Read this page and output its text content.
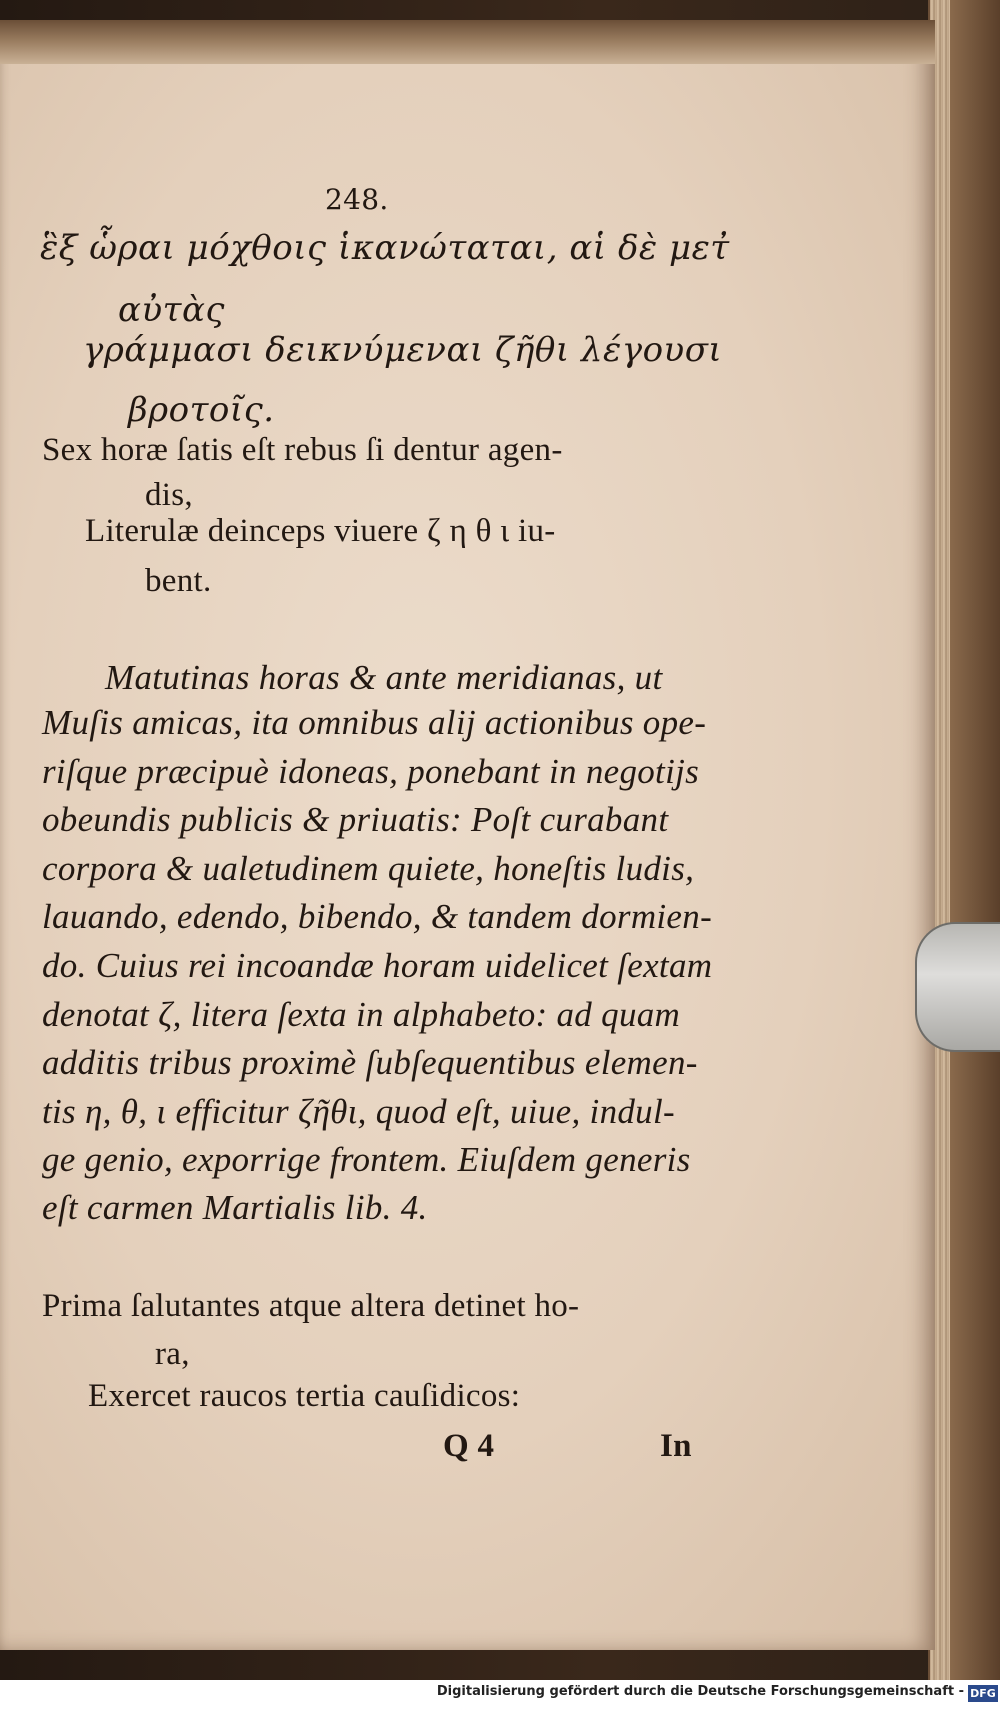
248.
ἓξ ὧραι μόχθοις ἱκανώταται, αἱ δὲ μετ̓
αὐτὰς
γράμμασι δεικνύμεναι ζῆθι λέγουσι
βροτοῖς.
Sex horæ ſatis eſt rebus ſi dentur agen-
dis,
Literulæ deinceps viuere ζ η θ ι iu-
bent.
Matutinas horas & ante meridianas, ut
Muſis amicas, ita omnibus alij actionibus ope-
riſque præcipuè idoneas, ponebant in negotijs
obeundis publicis & priuatis: Poſt curabant
corpora & ualetudinem quiete, honeſtis ludis,
lauando, edendo, bibendo, & tandem dormien-
do. Cuius rei incoandæ horam uidelicet ſextam
denotat ζ, litera ſexta in alphabeto: ad quam
additis tribus proximè ſubſequentibus elemen-
tis η, θ, ι efficitur ζῆθι, quod eſt, uiue, indul-
ge genio, exporrige frontem. Eiuſdem generis
eſt carmen Martialis lib. 4.
Prima ſalutantes atque altera detinet ho-
ra,
Exercet raucos tertia cauſidicos:
Q 4	In
Digitalisierung gefördert durch die Deutsche Forschungsgemeinschaft - DFG
